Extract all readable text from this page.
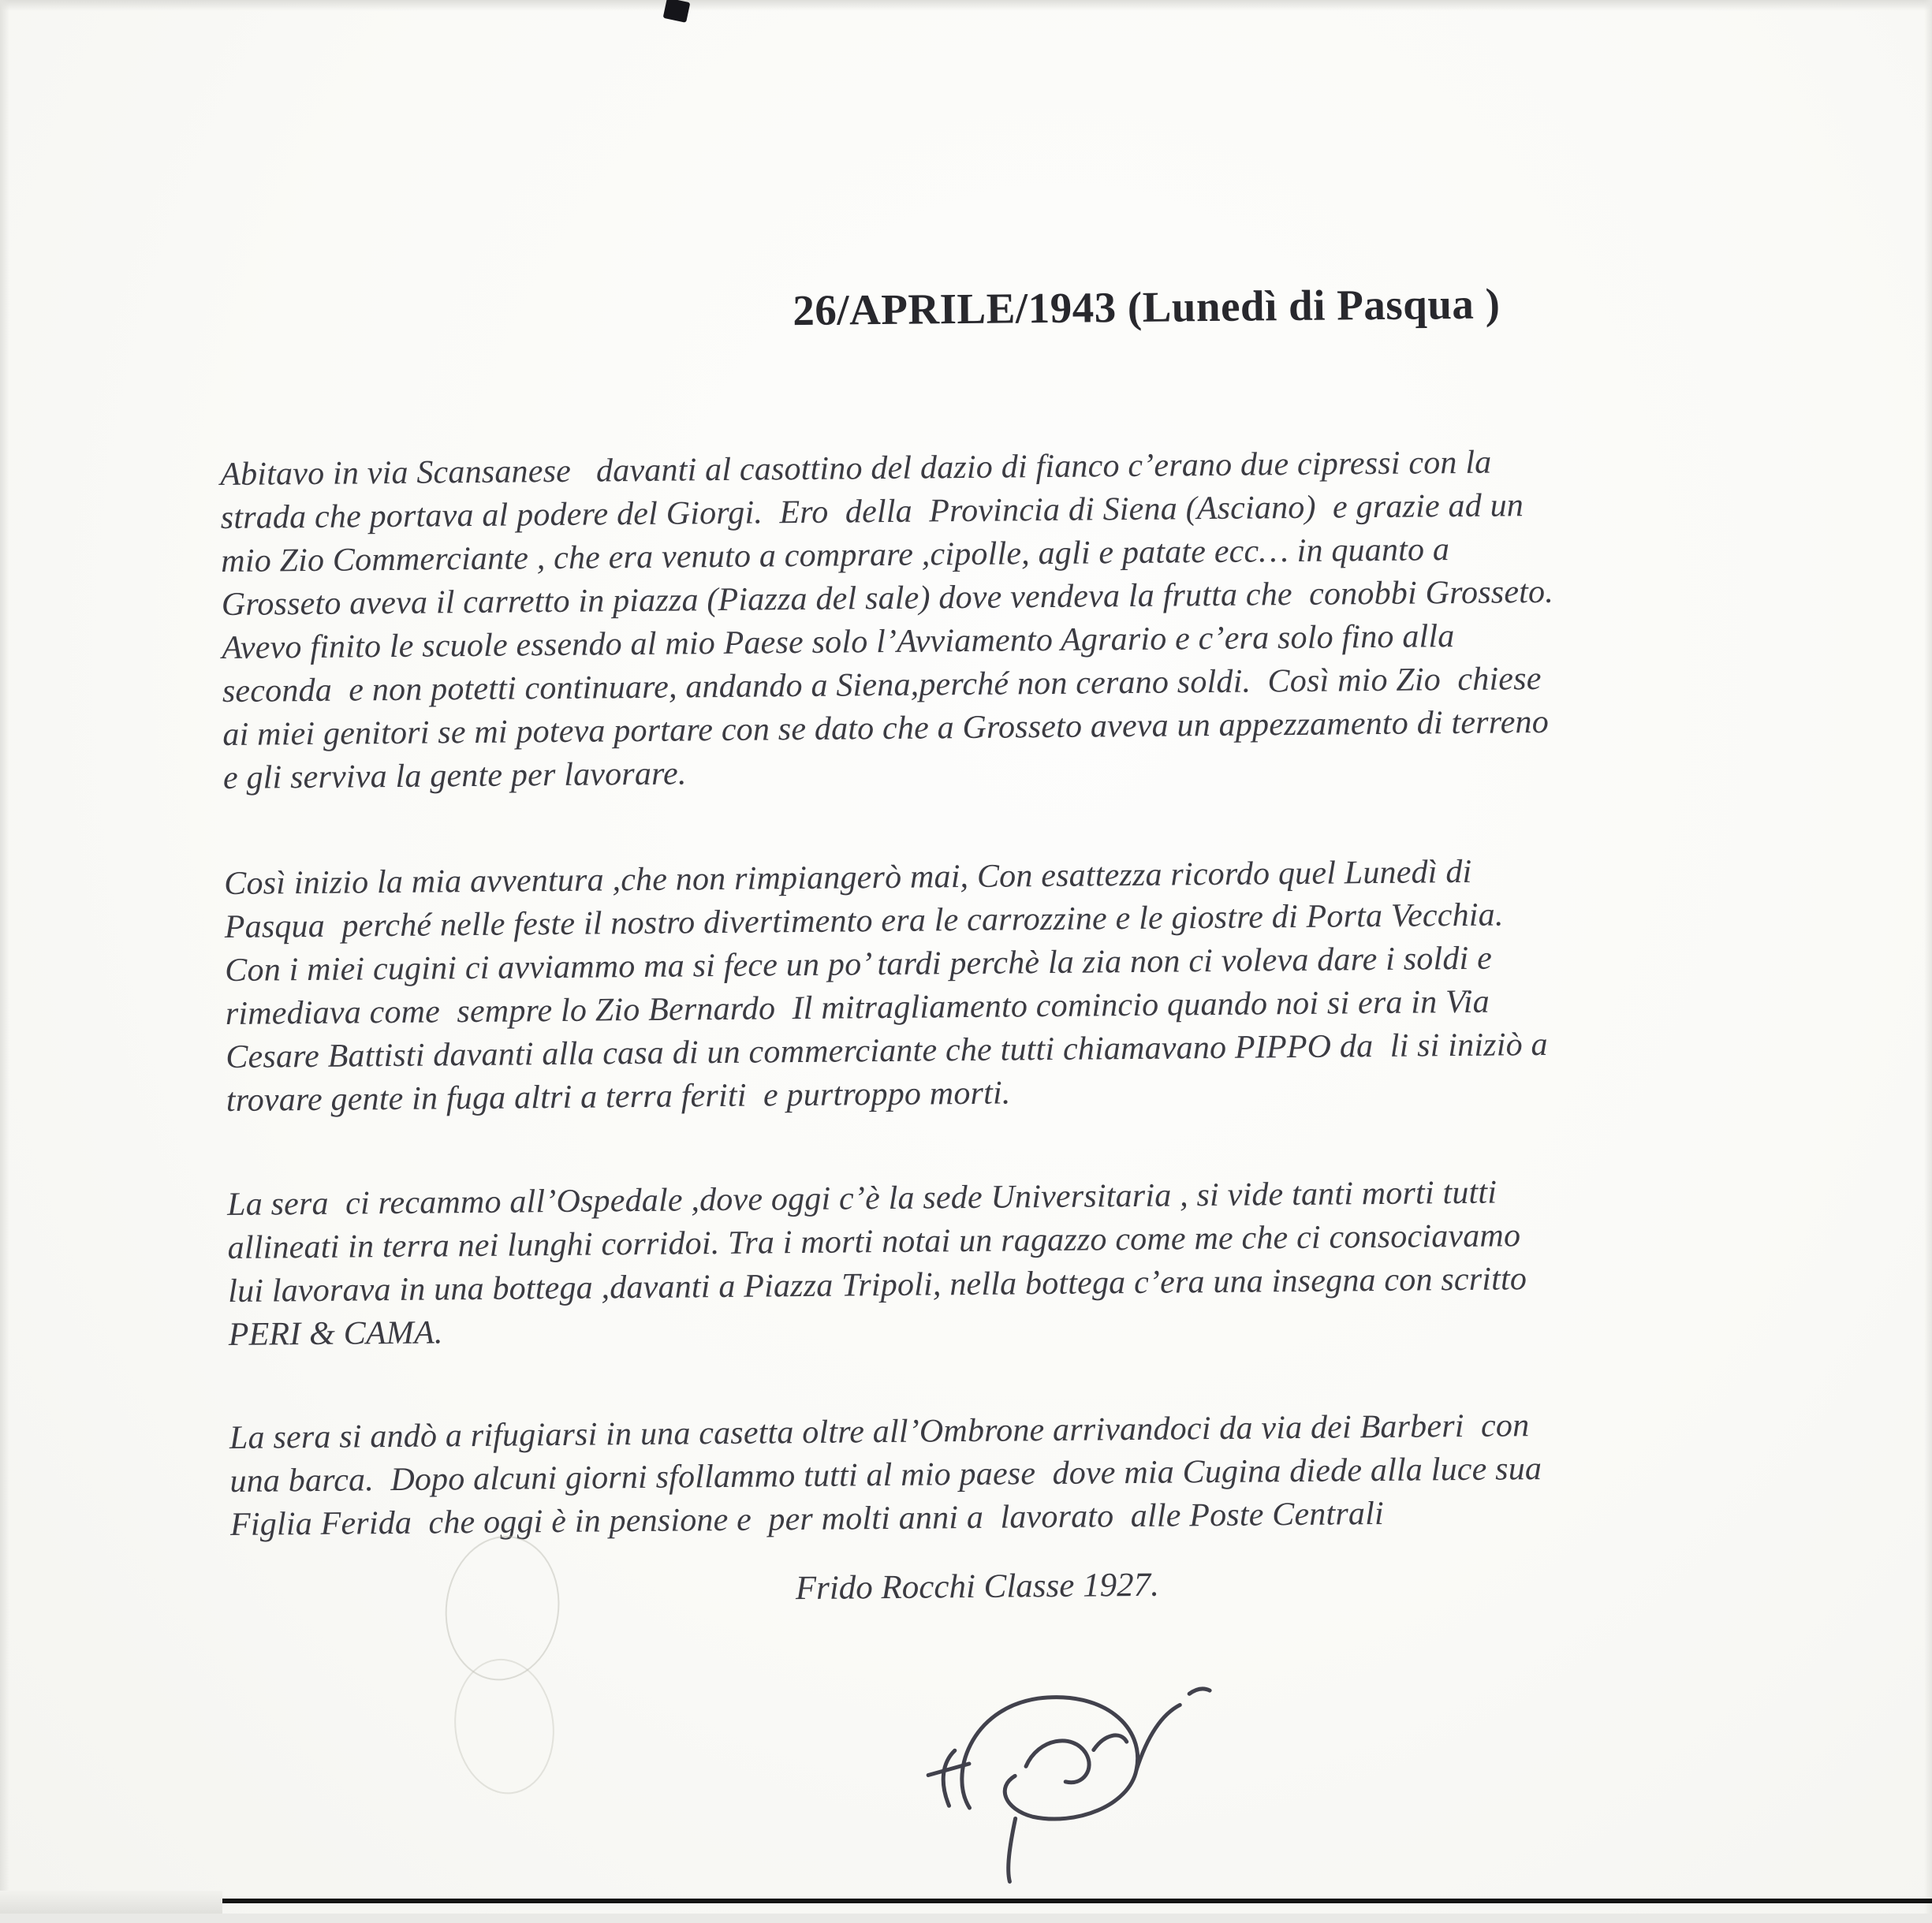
26/APRILE/1943 (Lunedì di Pasqua )
Abitavo in via Scansanese   davanti al casottino del dazio di fianco c’erano due cipressi con la
strada che portava al podere del Giorgi.  Ero  della  Provincia di Siena (Asciano)  e grazie ad un
mio Zio Commerciante , che era venuto a comprare ,cipolle, agli e patate ecc… in quanto a
Grosseto aveva il carretto in piazza (Piazza del sale) dove vendeva la frutta che  conobbi Grosseto.
Avevo finito le scuole essendo al mio Paese solo l’Avviamento Agrario e c’era solo fino alla
seconda  e non potetti continuare, andando a Siena,perché non cerano soldi.  Così mio Zio  chiese
ai miei genitori se mi poteva portare con se dato che a Grosseto aveva un appezzamento di terreno
e gli serviva la gente per lavorare.
Così inizio la mia avventura ,che non rimpiangerò mai, Con esattezza ricordo quel Lunedì di
Pasqua  perché nelle feste il nostro divertimento era le carrozzine e le giostre di Porta Vecchia.
Con i miei cugini ci avviammo ma si fece un po’ tardi perchè la zia non ci voleva dare i soldi e
rimediava come  sempre lo Zio Bernardo  Il mitragliamento comincio quando noi si era in Via
Cesare Battisti davanti alla casa di un commerciante che tutti chiamavano PIPPO da  li si iniziò a
trovare gente in fuga altri a terra feriti  e purtroppo morti.
La sera  ci recammo all’Ospedale ,dove oggi c’è la sede Universitaria , si vide tanti morti tutti
allineati in terra nei lunghi corridoi. Tra i morti notai un ragazzo come me che ci consociavamo
lui lavorava in una bottega ,davanti a Piazza Tripoli, nella bottega c’era una insegna con scritto
PERI & CAMA.
La sera si andò a rifugiarsi in una casetta oltre all’Ombrone arrivandoci da via dei Barberi  con
una barca.  Dopo alcuni giorni sfollammo tutti al mio paese  dove mia Cugina diede alla luce sua
Figlia Ferida  che oggi è in pensione e  per molti anni a  lavorato  alle Poste Centrali
Frido Rocchi Classe 1927.
